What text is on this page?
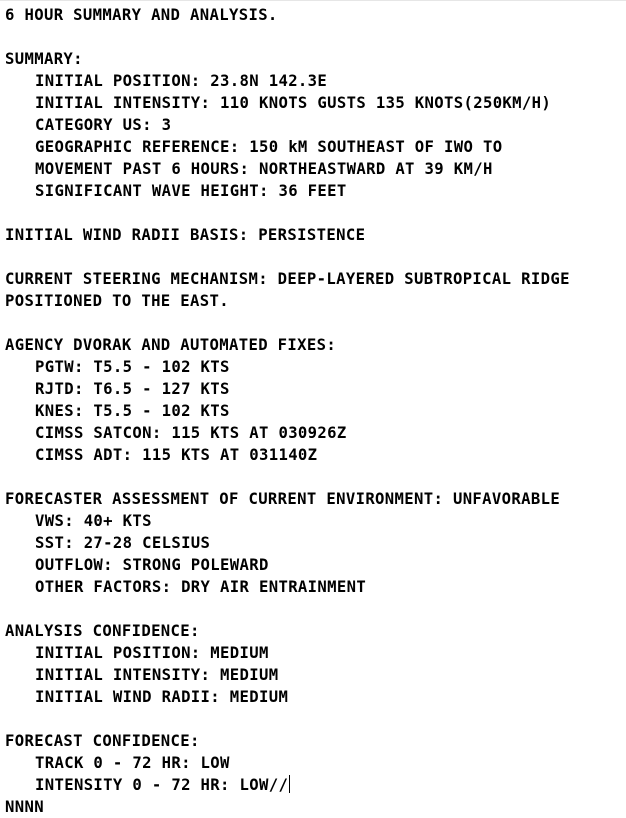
6 HOUR SUMMARY AND ANALYSIS.
SUMMARY:
INITIAL POSITION: 23.8N 142.3E
INITIAL INTENSITY: 110 KNOTS GUSTS 135 KNOTS(250KM/H)
CATEGORY US: 3
GEOGRAPHIC REFERENCE: 150 kM SOUTHEAST OF IWO TO
MOVEMENT PAST 6 HOURS: NORTHEASTWARD AT 39 KM/H
SIGNIFICANT WAVE HEIGHT: 36 FEET
INITIAL WIND RADII BASIS: PERSISTENCE
CURRENT STEERING MECHANISM: DEEP-LAYERED SUBTROPICAL RIDGE
POSITIONED TO THE EAST.
AGENCY DVORAK AND AUTOMATED FIXES:
PGTW: T5.5 - 102 KTS
RJTD: T6.5 - 127 KTS
KNES: T5.5 - 102 KTS
CIMSS SATCON: 115 KTS AT 030926Z
CIMSS ADT: 115 KTS AT 031140Z
FORECASTER ASSESSMENT OF CURRENT ENVIRONMENT: UNFAVORABLE
VWS: 40+ KTS
SST: 27-28 CELSIUS
OUTFLOW: STRONG POLEWARD
OTHER FACTORS: DRY AIR ENTRAINMENT
ANALYSIS CONFIDENCE:
INITIAL POSITION: MEDIUM
INITIAL INTENSITY: MEDIUM
INITIAL WIND RADII: MEDIUM
FORECAST CONFIDENCE:
TRACK 0 - 72 HR: LOW
INTENSITY 0 - 72 HR: LOW//
NNNN
